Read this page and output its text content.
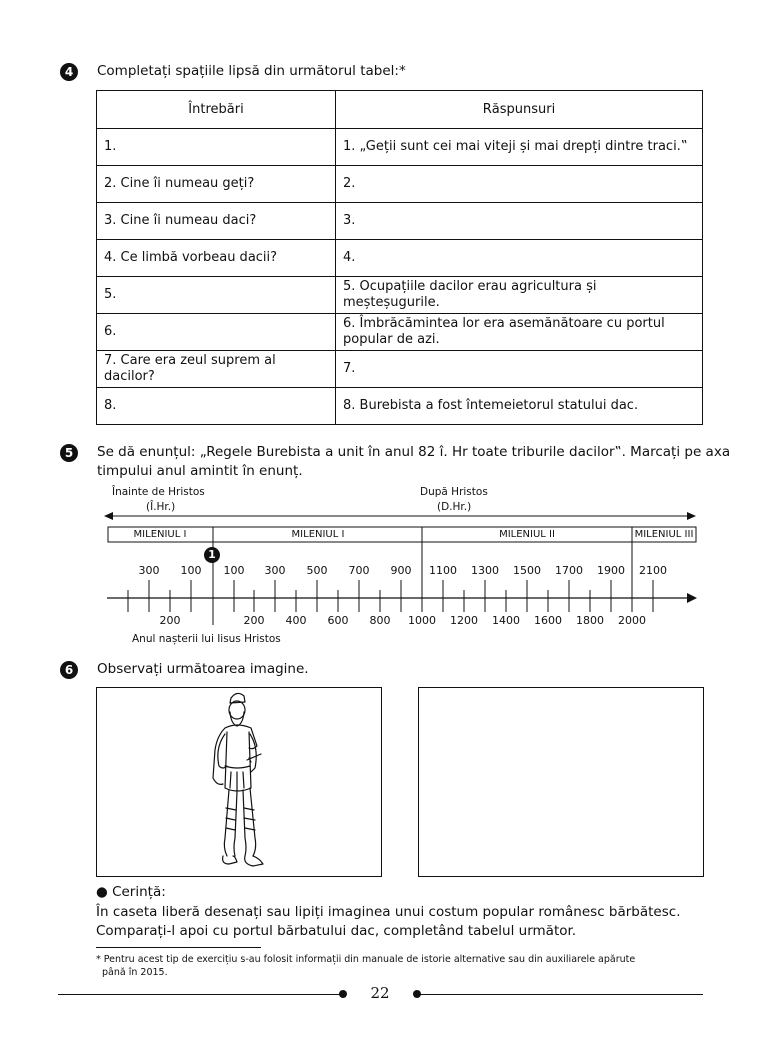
4	Completați spațiile lipsă din următorul tabel:*
Întrebări	Răspunsuri
1.	1. „Geții sunt cei mai viteji și mai drepți dintre traci.‟
2. Cine îi numeau geți?	2.
3. Cine îi numeau daci?	3.
4. Ce limbă vorbeau dacii?	4.
5.	5. Ocupațiile dacilor erau agricultura și meșteșugurile.
6.	6. Îmbrăcămintea lor era asemănătoare cu portul popular de azi.
7. Care era zeul suprem al dacilor?	7.
8.	8. Burebista a fost întemeietorul statului dac.
5	Se dă enunțul: „Regele Burebista a unit în anul 82 î. Hr toate triburile dacilor‟. Marcați pe axa
timpului anul amintit în enunț.
Înainte de Hristos
(Î.Hr.)
După Hristos
(D.Hr.)
MILENIUL I	MILENIUL I	MILENIUL II	MILENIUL III
1
300 100 100 300 500 700 900 1100 1300 1500 1700 1900 2100
200	200 400 600 800 1000 1200 1400 1600 1800 2000
Anul nașterii lui Iisus Hristos
6	Observați următoarea imagine.
● Cerință:
În caseta liberă desenați sau lipiți imaginea unui costum popular românesc bărbătesc.
Comparați-l apoi cu portul bărbatului dac, completând tabelul următor.
* Pentru acest tip de exercițiu s-au folosit informații din manuale de istorie alternative sau din auxiliarele apărute
până în 2015.
22
